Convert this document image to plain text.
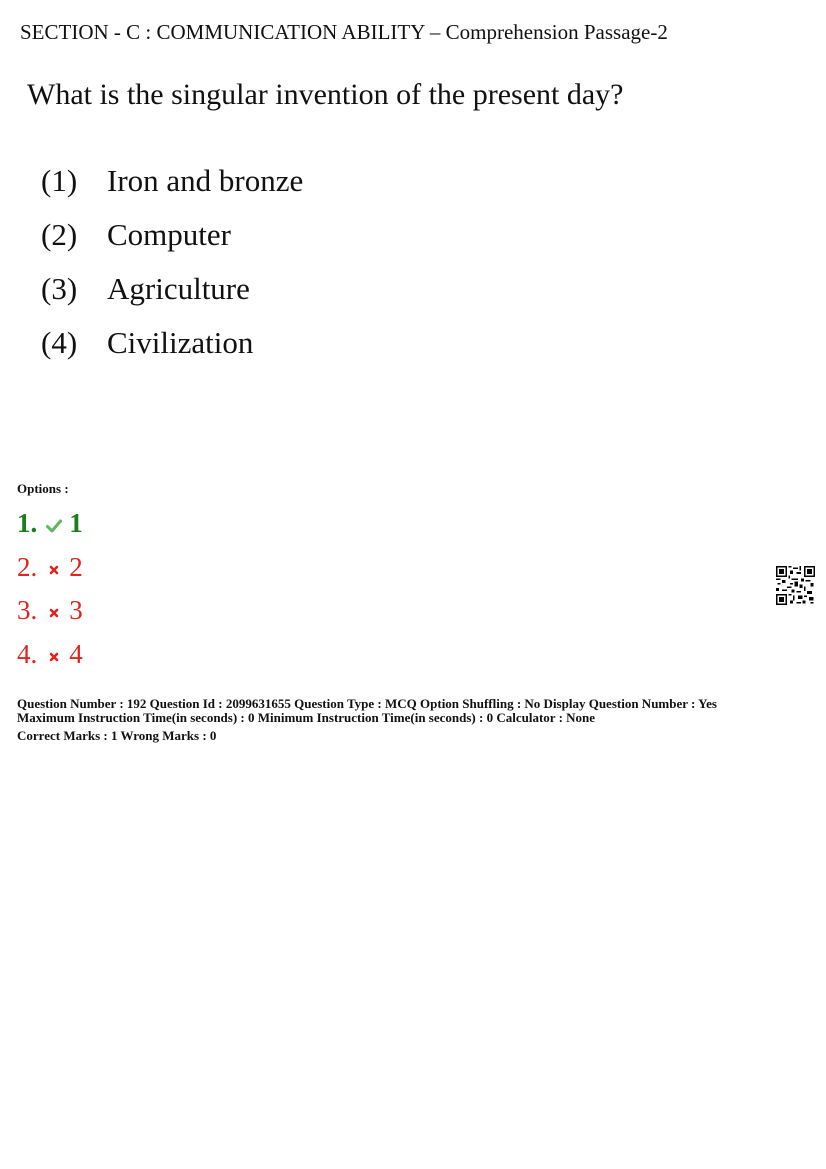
SECTION - C : COMMUNICATION ABILITY – Comprehension Passage-2
What is the singular invention of the present day?
(1) Iron and bronze
(2) Computer
(3) Agriculture
(4) Civilization
Options :
1. 1
2. 2
3. 3
4. 4
Question Number : 192 Question Id : 2099631655 Question Type : MCQ Option Shuffling : No Display Question Number : Yes
Maximum Instruction Time(in seconds) : 0 Minimum Instruction Time(in seconds) : 0 Calculator : None
Correct Marks : 1 Wrong Marks : 0
